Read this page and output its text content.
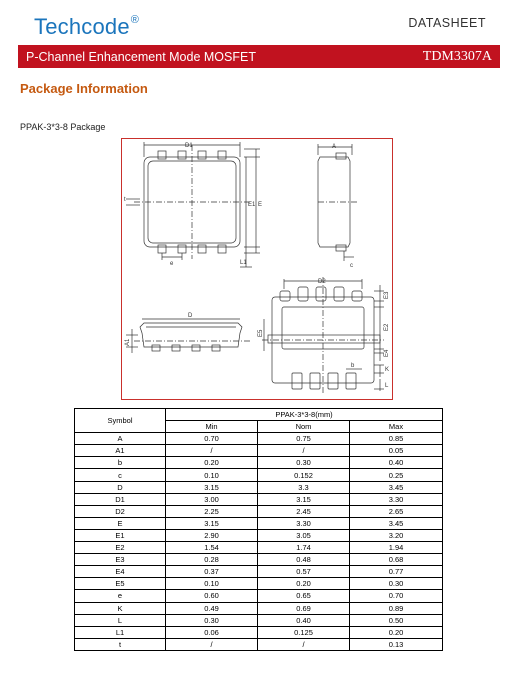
Techcode ®	DATASHEET
P-Channel Enhancement Mode MOSFET	TDM3307A
Package Information
PPAK-3*3-8 Package
D1
E1 E
L1
e
t
A
c
D
A1
D2
E3
E2
E4
K
L
E5
b
Symbol	PPAK-3*3-8(mm)		
	Min	Nom	Max
A	0.70	0.75	0.85
A1	/	/	0.05
b	0.20	0.30	0.40
c	0.10	0.152	0.25
D	3.15	3.3	3.45
D1	3.00	3.15	3.30
D2	2.25	2.45	2.65
E	3.15	3.30	3.45
E1	2.90	3.05	3.20
E2	1.54	1.74	1.94
E3	0.28	0.48	0.68
E4	0.37	0.57	0.77
E5	0.10	0.20	0.30
e	0.60	0.65	0.70
K	0.49	0.69	0.89
L	0.30	0.40	0.50
L1	0.06	0.125	0.20
t	/	/	0.13
